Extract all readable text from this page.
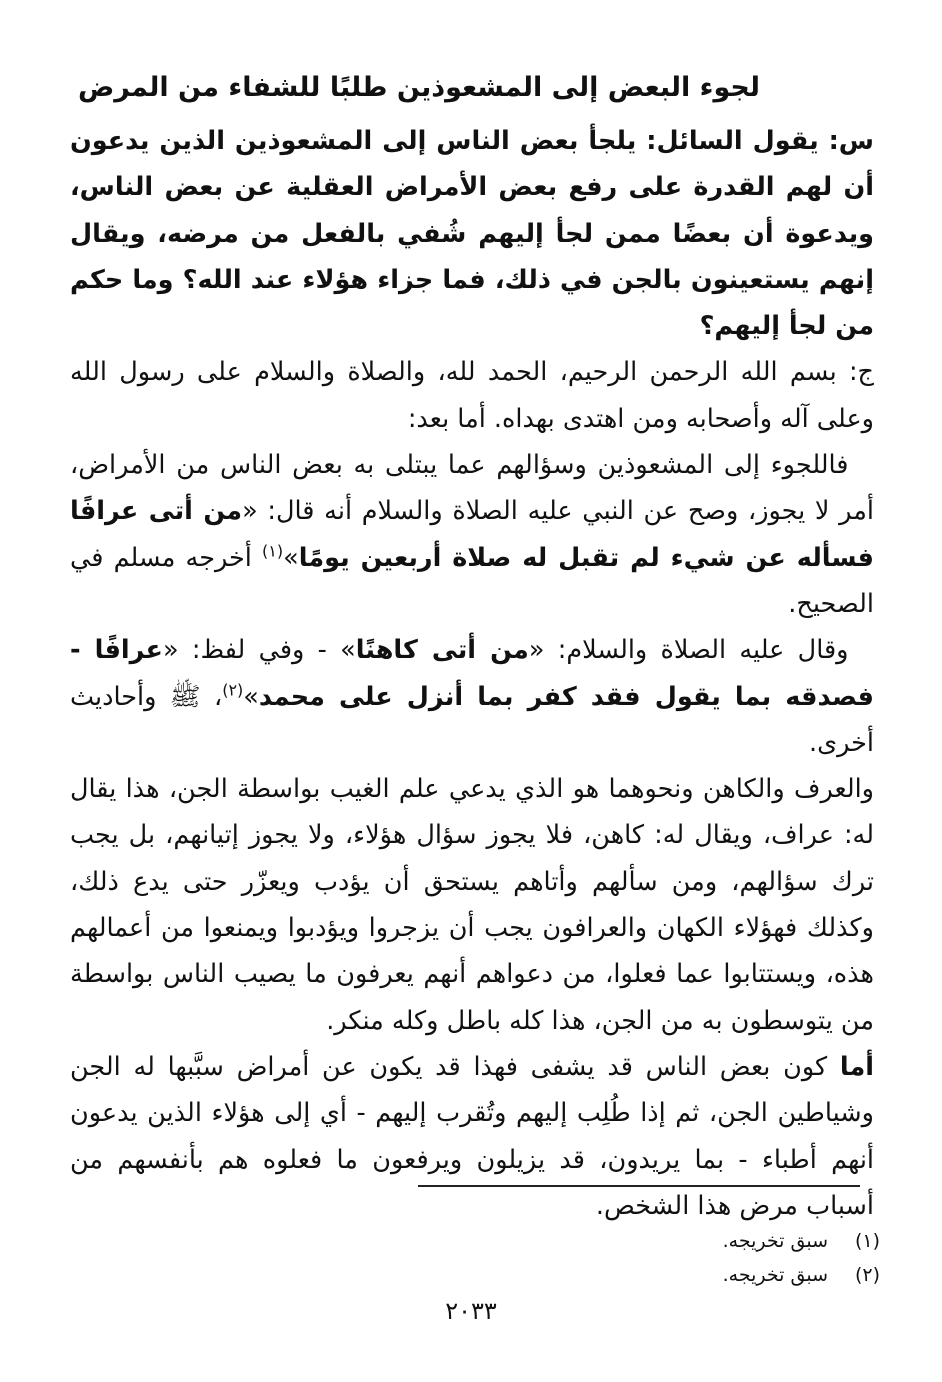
لجوء البعض إلى المشعوذين طلبًا للشفاء من المرض

س: يقول السائل: يلجأ بعض الناس إلى المشعوذين الذين يدعون أن لهم القدرة على رفع بعض الأمراض العقلية عن بعض الناس، ويدعوة أن بعضًا ممن لجأ إليهم شُفي بالفعل من مرضه، ويقال إنهم يستعينون بالجن في ذلك، فما جزاء هؤلاء عند الله؟ وما حكم من لجأ إليهم؟

ج: بسم الله الرحمن الرحيم، الحمد لله، والصلاة والسلام على رسول الله وعلى آله وأصحابه ومن اهتدى بهداه. أما بعد:

 فاللجوء إلى المشعوذين وسؤالهم عما يبتلى به بعض الناس من الأمراض، أمر لا يجوز، وصح عن النبي عليه الصلاة والسلام أنه قال: «من أتى عرافًا فسأله عن شيء لم تقبل له صلاة أربعين يومًا»$^{(١)}$ أخرجه مسلم في الصحيح.

 وقال عليه الصلاة والسلام: «من أتى كاهنًا» - وفي لفظ: «عرافًا - فصدقه بما يقول فقد كفر بما أنزل على محمد»$^{(٢)}$، ﷺ وأحاديث أخرى.

والعرف والكاهن ونحوهما هو الذي يدعي علم الغيب بواسطة الجن، هذا يقال له: عراف، ويقال له: كاهن، فلا يجوز سؤال هؤلاء، ولا يجوز إتيانهم، بل يجب ترك سؤالهم، ومن سألهم وأتاهم يستحق أن يؤدب ويعزّر حتى يدع ذلك، وكذلك فهؤلاء الكهان والعرافون يجب أن يزجروا ويؤدبوا ويمنعوا من أعمالهم هذه، ويستتابوا عما فعلوا، من دعواهم أنهم يعرفون ما يصيب الناس بواسطة من يتوسطون به من الجن، هذا كله باطل وكله منكر.

أما كون بعض الناس قد يشفى فهذا قد يكون عن أمراض سبَّبها له الجن وشياطين الجن، ثم إذا طُلِب إليهم وتُقرب إليهم - أي إلى هؤلاء الذين يدعون أنهم أطباء - بما يريدون، قد يزيلون ويرفعون ما فعلوه هم بأنفسهم من أسباب مرض هذا الشخص.

(١)
سبق تخريجه.
(٢)
سبق تخريجه.
٢٠٣٣
